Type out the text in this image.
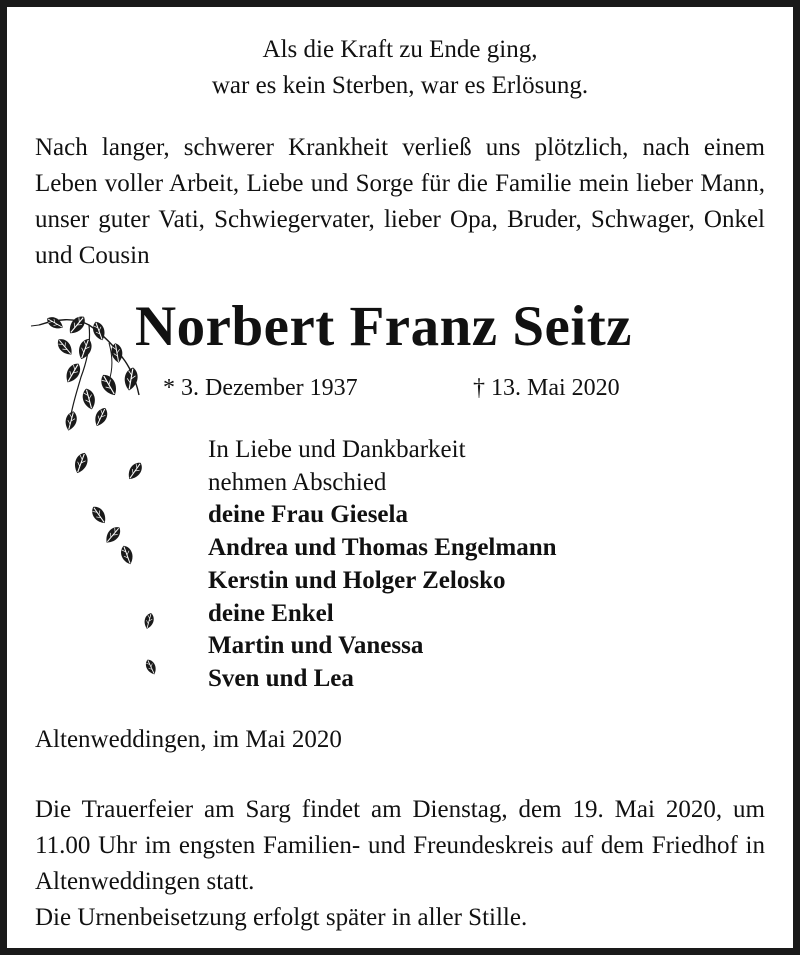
Als die Kraft zu Ende ging,
war es kein Sterben, war es Erlösung.
Nach langer, schwerer Krankheit verließ uns plötzlich, nach einem Leben voller Arbeit, Liebe und Sorge für die Familie mein lieber Mann, unser guter Vati, Schwiegervater, lieber Opa, Bruder, Schwager, Onkel und Cousin
Norbert Franz Seitz
* 3. Dezember 1937	† 13. Mai 2020
In Liebe und Dankbarkeit
nehmen Abschied
deine Frau Giesela
Andrea und Thomas Engelmann
Kerstin und Holger Zelosko
deine Enkel
Martin und Vanessa
Sven und Lea
Altenweddingen, im Mai 2020
Die Trauerfeier am Sarg findet am Dienstag, dem 19. Mai 2020, um 11.00 Uhr im engsten Familien- und Freundeskreis auf dem Friedhof in Altenweddingen statt.
Die Urnenbeisetzung erfolgt später in aller Stille.
